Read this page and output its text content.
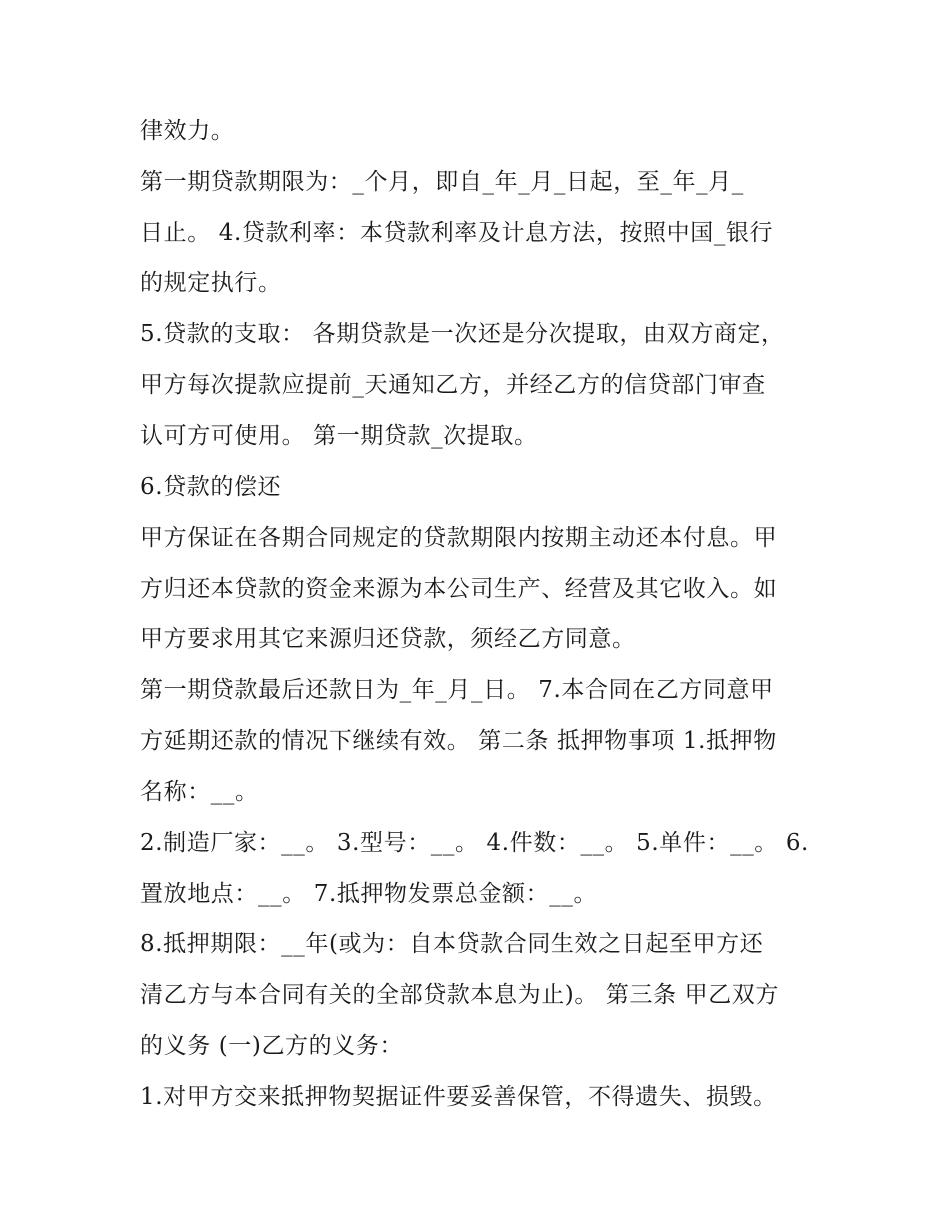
律效力。
第一期贷款期限为：_个月，即自_年_月_日起，至_年_月_
日止。 4.贷款利率：本贷款利率及计息方法，按照中国_银行
的规定执行。
5.贷款的支取： 各期贷款是一次还是分次提取，由双方商定，
甲方每次提款应提前_天通知乙方，并经乙方的信贷部门审查
认可方可使用。 第一期贷款_次提取。
6.贷款的偿还
甲方保证在各期合同规定的贷款期限内按期主动还本付息。甲
方归还本贷款的资金来源为本公司生产、经营及其它收入。如
甲方要求用其它来源归还贷款，须经乙方同意。
第一期贷款最后还款日为_年_月_日。 7.本合同在乙方同意甲
方延期还款的情况下继续有效。 第二条 抵押物事项 1.抵押物
名称：__。
2.制造厂家：__。 3.型号：__。 4.件数：__。 5.单件：__。 6.
置放地点：__。 7.抵押物发票总金额：__。
8.抵押期限：__年(或为：自本贷款合同生效之日起至甲方还
清乙方与本合同有关的全部贷款本息为止)。 第三条 甲乙双方
的义务 (一)乙方的义务：
1.对甲方交来抵押物契据证件要妥善保管，不得遗失、损毁。
